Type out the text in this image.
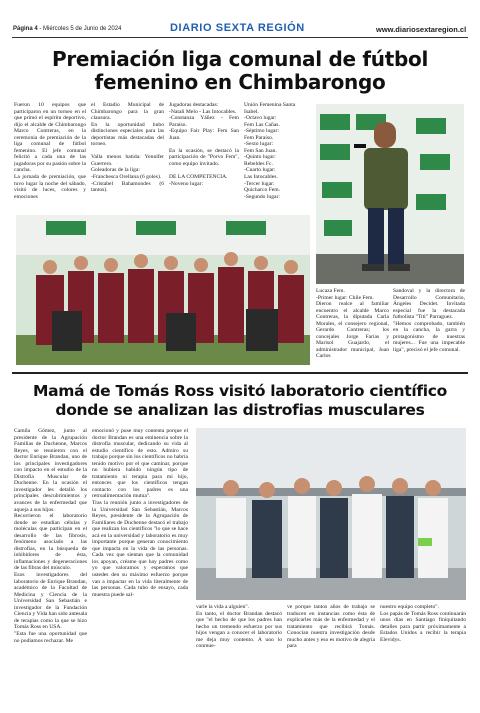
Página 4 - Miércoles 5 de Junio de 2024	DIARIO SEXTA REGIÓN	www.diariosextaregion.cl
Premiación liga comunal de fútbol
femenino en Chimbarongo
Fueron 10 equipos que participaron en un torneo en el que primó el espíritu deportivo, dijo el alcalde de Chimbarongo Marco Contreras, en la ceremonia de premiación de la liga comunal de fútbol femenino. El jefe comunal felicitó a cada una de las jugadoras por su pasión sobre la cancha.
La jornada de premiación, que tuvo lugar la noche del sábado, visitó de luces, colores y emociones
el Estadio Municipal de Chimbarongo para la gran clausura.
En la oportunidad hubo distinciones especiales para las deportistas más destacadas del torneo.

Valla menos batida: Yennifer Guerrero.
Goleadoras de la liga:
-Franchesca Orellana (6 goles).
-Cristabel Bahamondes (6 tantos).
Jugadoras destacadas:
-Natali Melo - Las Intocables.
-Constanza Yáñez - Fem Paraíso.
-Equipo Fair Play: Fem San Juan.

En la ocasión, se destacó la participación de "Porvo Fem", como equipo invitado.

DE LA COMPETENCIA.
-Noveno lugar:
Unión Femenina Santa Isabel.
-Octavo lugar:
Fem Las Cañas.
-Séptimo lugar:
Fem Paraíso.
-Sexto lugar:
Fem San Juan.
-Quinto lugar:
Rebeldes Fc.
-Cuarto lugar:
Las Intocables.
-Tercer lugar:
Quicharco Fem.
-Segundo lugar:
Lucaza Fem.
-Primer lugar: Chile Fem.
Dieron realce al familiar encuentro el alcalde Marco Contreras, la diputada Carla Morales, el consejero regional, Gerardo Contreras; los concejales Jorge Farías y Marisol Guajardo, el administrador municipal, Juan Carlos
Sandoval y la directora de Desarrollo Comunitario, Ángeles Decidet. Invitada especial fue la destacada futbolista "Titi" Parraguez.
"Hemos comprobado, también en la cancha, la garra y protagonismo de nuestras mujeres... Fue una impecable liga", precisó el jefe comunal.
Mamá de Tomás Ross visitó laboratorio científico
donde se analizan las distrofias musculares
Camila Gómez, junto al presidente de la Agrupación Familias de Duchenne, Marcos Reyes, se reunieron con el doctor Enrique Brandan, uno de los principales investigadores con impacto en el estudio de la Distrofia Muscular de Duchenne. En la ocasión el investigador les detalló los principales descubrimientos y avances de la enfermedad que aqueja a sus hijos.
Recorrieron el laboratorio donde se estudian células y moléculas que participan en el desarrollo de las fibrosis, fenómeno asociado a las distrofias, en la búsqueda de inhibidores de ésta, inflamaciones y degeneraciones de las fibras del músculo.
Esos investigadores del laboratorio de Enrique Brandan, académico de la Facultad de Medicina y Ciencia de la Universidad San Sebastián e investigador de la Fundación Ciencia y Vida han sido antesala de terapias como la que se hizo Tomás Ross en USA.
"Esta fue una oportunidad que no podíamos rechazar. Me
emocionó y puse muy contenta porque el doctor Brandan es una eminencia sobre la distrofia muscular, dedicando su vida al estudio científico de esto. Admiro su trabajo porque sin los científicos no habría tenido motivo por el que caminar, porque no hubiera habido ningún tipo de tratamiento ni terapia para mi hijo, entonces que los científicos tengan contacto con los padres es una retroalimentación mutua".
Tras la reunión junto a investigadores de la Universidad San Sebastián, Marcos Reyes, presidente de la Agrupación de Familiares de Duchenne destacó el trabajo que realizan los científicos "lo que se hace acá en la universidad y laboratorio es muy importante porque generan conocimiento que impacta en la vida de las personas. Cada vez que sientan que la comunidad los apoyan, créame que hay padres como yo que valoramos y esperamos que ustedes den su máximo esfuerzo porque van a impactar en la vida literalmente de las personas. Cada tubo de ensayo, cada muestra puede sal-
varle la vida a alguien".
En tanto, el doctor Brandan destacó que "el hecho de que los padres han hecho un tremendo esfuerzo por sus hijos vengan a conocer el laboratorio me deja muy contento. A uno lo conmue-
ve porque tantos años de trabajo se traducen en instancias como ésta de explicarles más de la enfermedad y el tratamiento que recibirá Tomás. Conocían nuestra investigación desde mucho antes y eso es motivo de alegría para
nuestro equipo completo".
Los papás de Tomás Ross continuarán unos días en Santiago finiquitando detalles para partir próximamente a Estados Unidos a recibir la terapia Elevidys.
